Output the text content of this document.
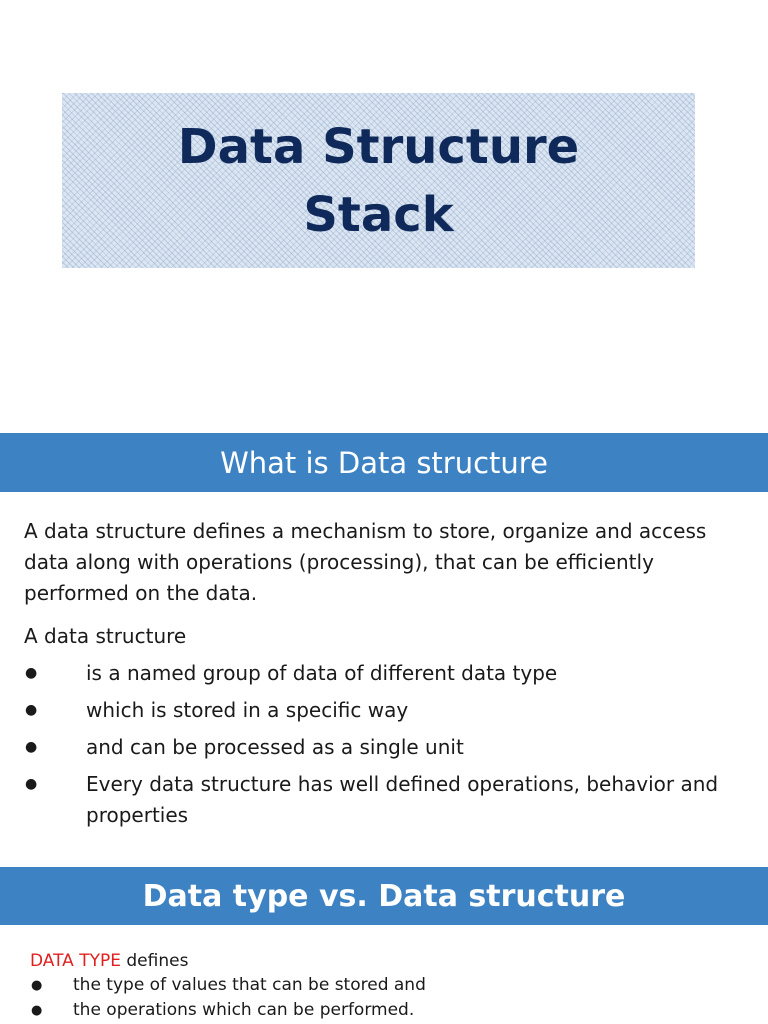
Data Structure
Stack
What is Data structure

A data structure defines a mechanism to store, organize and access data along with operations (processing), that can be efficiently performed on the data.

A data structure
● is a named group of data of different data type
● which is stored in a specific way
● and can be processed as a single unit
● Every data structure has well defined operations, behavior and properties
Data type vs. Data structure
DATA TYPE defines
● the type of values that can be stored and
● the operations which can be performed.
